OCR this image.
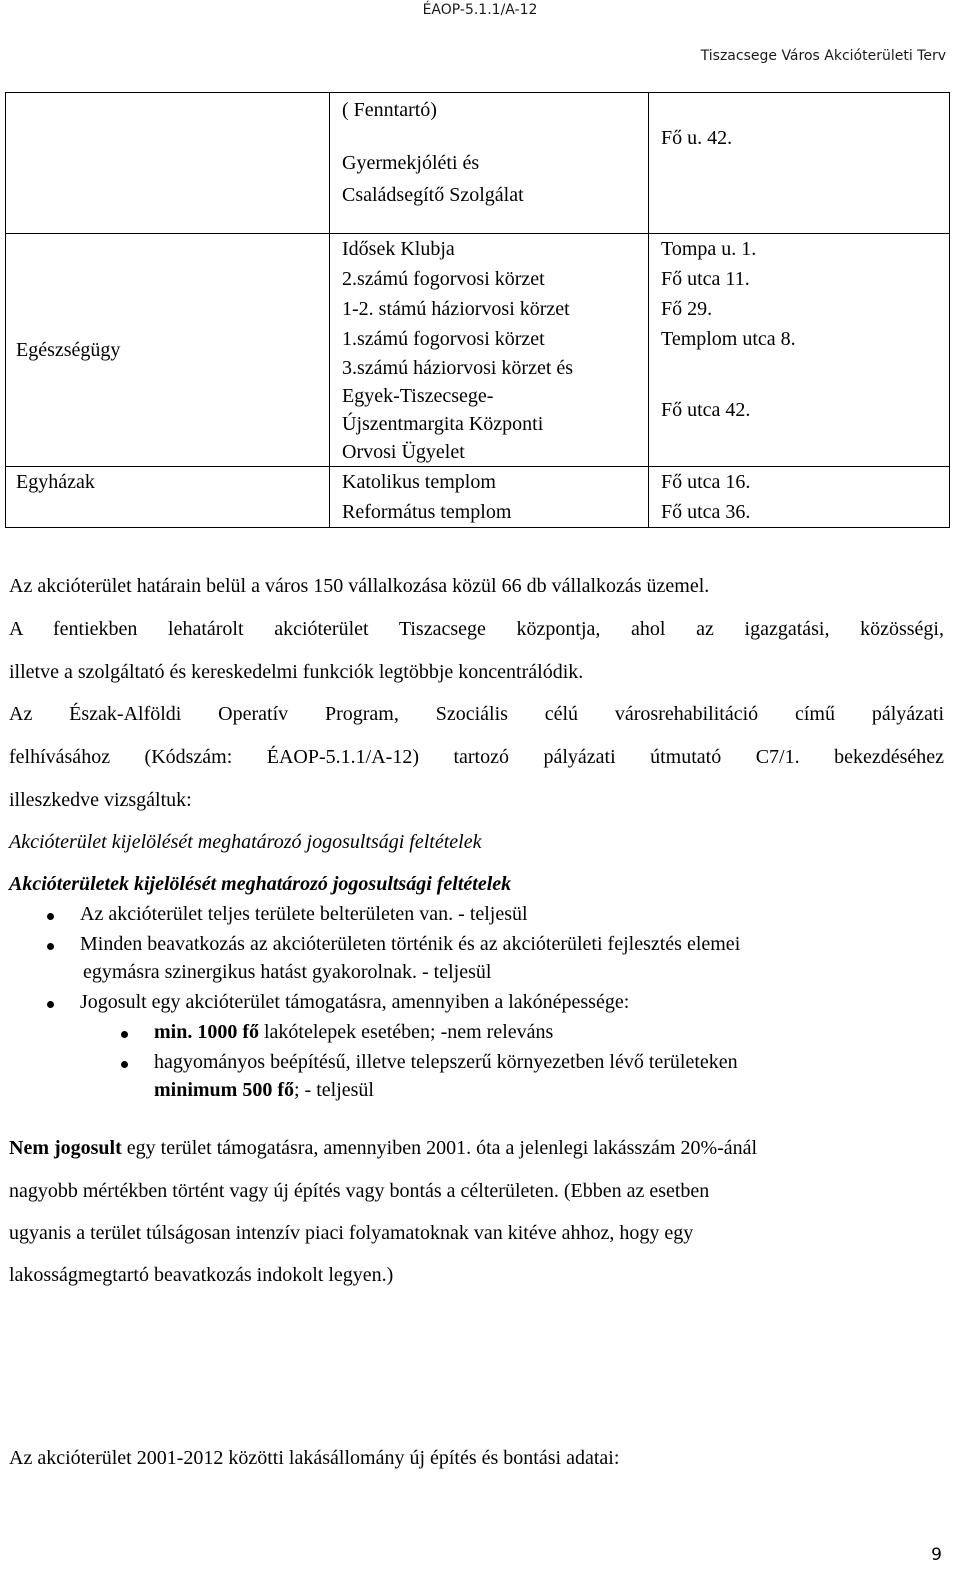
ÉAOP-5.1.1/A-12
Tiszacsege Város Akcióterületi Terv

	( Fenntartó)
Gyermekjóléti és
Családsegítő Szolgálat	Fő u. 42.

Egészségügy	Idősek Klubja	Tompa u. 1.
	2.számú fogorvosi körzet	Fő utca 11.
	1-2. stámú háziorvosi körzet	Fő 29.
	1.számú fogorvosi körzet	Templom utca 8.

	3.számú háziorvosi körzet és
Egyek-Tiszecsege-
Újszentmargita Központi
Orvosi Ügyelet	Fő utca 42.

Egyházak	Katolikus templom	Fő utca 16.
	Református templom	Fő utca 36.
Az akcióterület határain belül a város 150 vállalkozása közül 66 db vállalkozás üzemel.
A fentiekben lehatárolt akcióterület Tiszacsege központja, ahol az igazgatási, közösségi,
illetve a szolgáltató és kereskedelmi funkciók legtöbbje koncentrálódik.
Az Észak-Alföldi Operatív Program, Szociális célú városrehabilitáció című pályázati
felhívásához (Kódszám: ÉAOP-5.1.1/A-12) tartozó pályázati útmutató C7/1. bekezdéséhez
illeszkedve vizsgáltuk:
Akcióterület kijelölését meghatározó jogosultsági feltételek
Akcióterületek kijelölését meghatározó jogosultsági feltételek
Az akcióterület teljes területe belterületen van. - teljesül
Minden beavatkozás az akcióterületen történik és az akcióterületi fejlesztés elemei
egymásra szinergikus hatást gyakorolnak. - teljesül
Jogosult egy akcióterület támogatásra, amennyiben a lakónépessége:
min. 1000 fő lakótelepek esetében; -nem releváns
hagyományos beépítésű, illetve telepszerű környezetben lévő területeken
minimum 500 fő; - teljesül
Nem jogosult egy terület támogatásra, amennyiben 2001. óta a jelenlegi lakásszám 20%-ánál
nagyobb mértékben történt vagy új építés vagy bontás a célterületen. (Ebben az esetben
ugyanis a terület túlságosan intenzív piaci folyamatoknak van kitéve ahhoz, hogy egy
lakosságmegtartó beavatkozás indokolt legyen.)
Az akcióterület 2001-2012 közötti lakásállomány új építés és bontási adatai:
9
